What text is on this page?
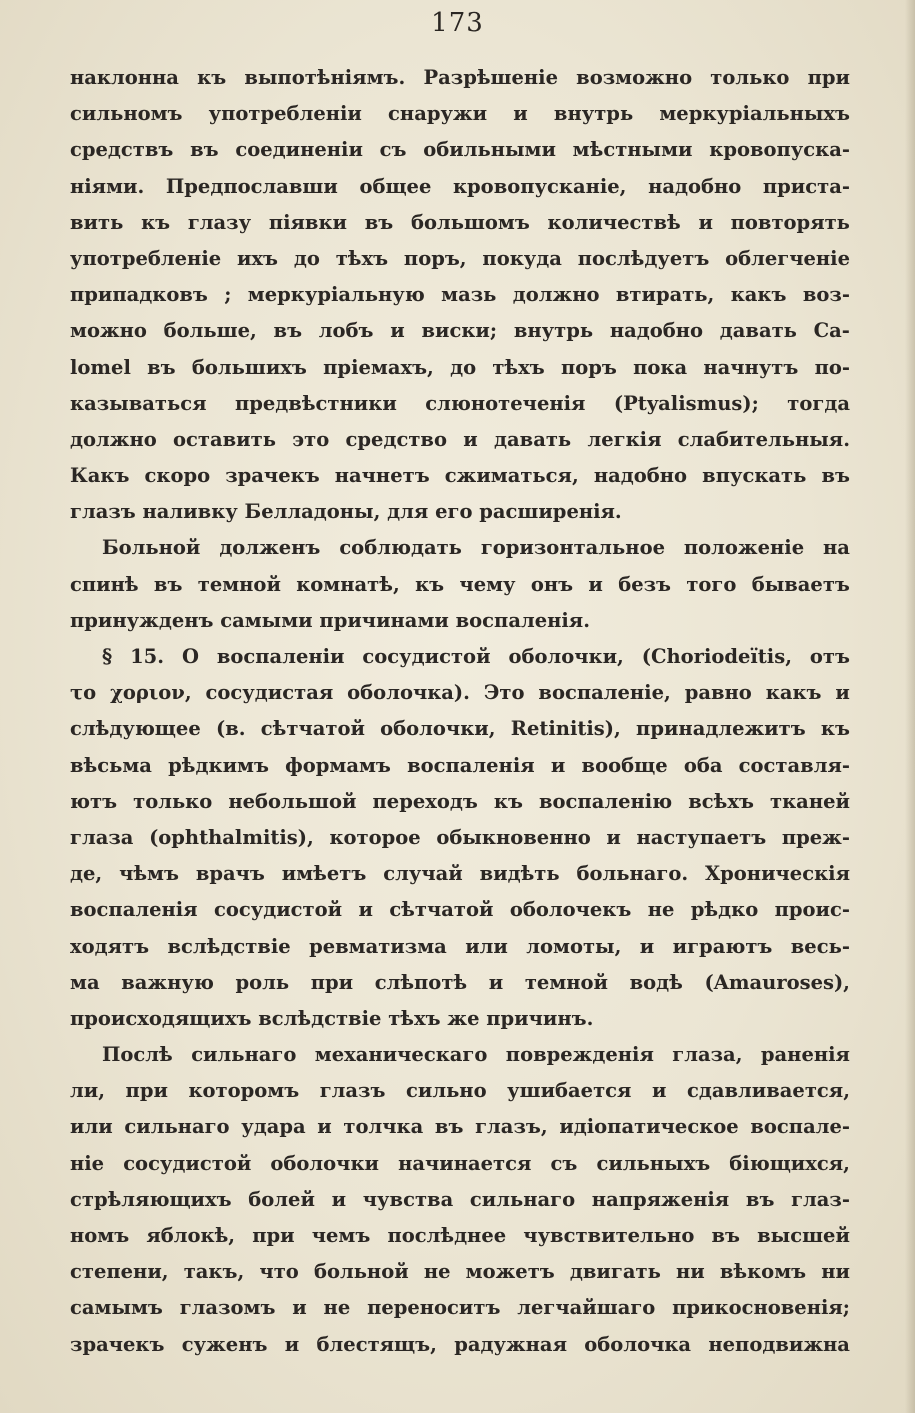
173
наклонна къ выпотѣніямъ. Разрѣшеніе возможно только при
сильномъ употребленіи снаружи и внутрь меркуріальныхъ
средствъ въ соединеніи съ обильными мѣстными кровопуска-
ніями. Предпославши общее кровопусканіе, надобно приста-
вить къ глазу піявки въ большомъ количествѣ и повторять
употребленіе ихъ до тѣхъ поръ, покуда послѣдуетъ облегченіе
припадковъ ; меркуріальную мазь должно втирать, какъ воз-
можно больше, въ лобъ и виски; внутрь надобно давать Ca-
lomel въ большихъ пріемахъ, до тѣхъ поръ пока начнутъ по-
казываться предвѣстники слюнотеченія (Ptyalismus); тогда
должно оставить это средство и давать легкія слабительныя.
Какъ скоро зрачекъ начнетъ сжиматься, надобно впускать въ
глазъ наливку Белладоны, для его расширенія.
Больной долженъ соблюдать горизонтальное положеніе на
спинѣ въ темной комнатѣ, къ чему онъ и безъ того бываетъ
принужденъ самыми причинами воспаленія.
§ 15. О воспаленіи сосудистой оболочки, (Choriodeïtis, отъ
το χοριον, сосудистая оболочка). Это воспаленіе, равно какъ и
слѣдующее (в. сѣтчатой оболочки, Retinitis), принадлежитъ къ
вѣсьма рѣдкимъ формамъ воспаленія и вообще оба составля-
ютъ только небольшой переходъ къ воспаленію всѣхъ тканей
глаза (ophthalmitis), которое обыкновенно и наступаетъ преж-
де, чѣмъ врачъ имѣетъ случай видѣть больнаго. Хроническія
воспаленія сосудистой и сѣтчатой оболочекъ не рѣдко проис-
ходятъ вслѣдствіе ревматизма или ломоты, и играютъ весь-
ма важную роль при слѣпотѣ и темной водѣ (Amauroses),
происходящихъ вслѣдствіе тѣхъ же причинъ.
Послѣ сильнаго механическаго поврежденія глаза, раненія
ли, при которомъ глазъ сильно ушибается и сдавливается,
или сильнаго удара и толчка въ глазъ, идіопатическое воспале-
ніе сосудистой оболочки начинается съ сильныхъ біющихся,
стрѣляющихъ болей и чувства сильнаго напряженія въ глаз-
номъ яблокѣ, при чемъ послѣднее чувствительно въ высшей
степени, такъ, что больной не можетъ двигать ни вѣкомъ ни
самымъ глазомъ и не переноситъ легчайшаго прикосновенія;
зрачекъ суженъ и блестящъ, радужная оболочка неподвижна
